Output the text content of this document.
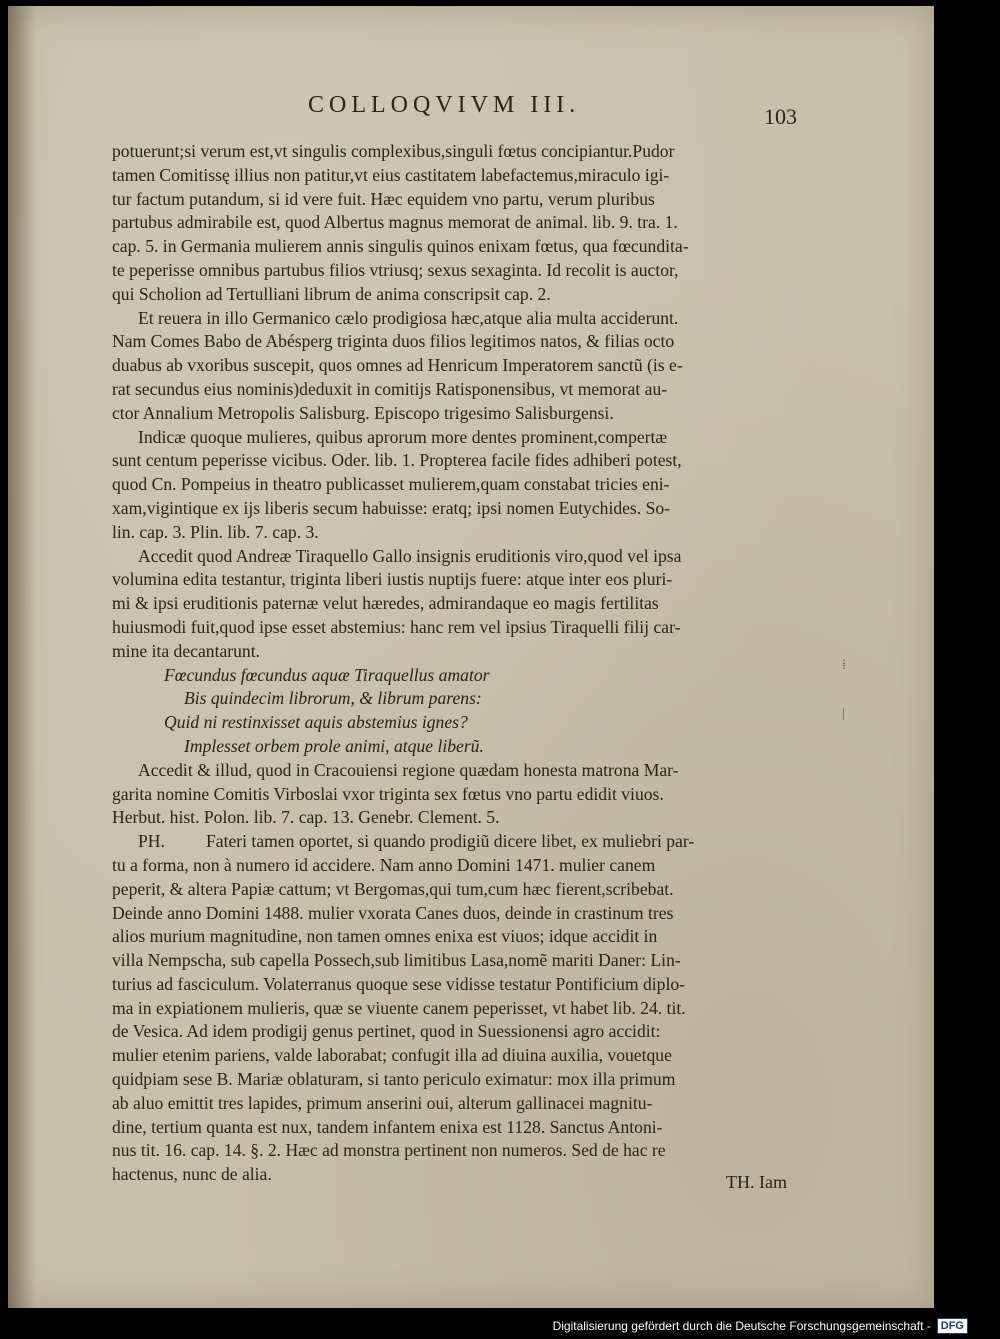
COLLOQVIVM III.	103

potuerunt;si verum est,vt singulis complexibus,singuli fœtus concipiantur.Pudor

tamen Comitissę illius non patitur,vt eius castitatem labefactemus,miraculo igi-

tur factum putandum, si id vere fuit. Hæc equidem vno partu, verum pluribus

partubus admirabile est, quod Albertus magnus memorat de animal. lib. 9. tra. 1.

cap. 5. in Germania mulierem annis singulis quinos enixam fœtus, qua fœcundita-

te peperisse omnibus partubus filios vtriusq; sexus sexaginta. Id recolit is auctor,

qui Scholion ad Tertulliani librum de anima conscripsit cap. 2.

Et reuera in illo Germanico cælo prodigiosa hæc,atque alia multa acciderunt.

Nam Comes Babo de Abésperg triginta duos filios legitimos natos, & filias octo

duabus ab vxoribus suscepit, quos omnes ad Henricum Imperatorem sanctũ (is e-

rat secundus eius nominis)deduxit in comitijs Ratisponensibus, vt memorat au-

ctor Annalium Metropolis Salisburg. Episcopo trigesimo Salisburgensi.

Indicæ quoque mulieres, quibus aprorum more dentes prominent,compertæ

sunt centum peperisse vicibus. Oder. lib. 1. Propterea facile fides adhiberi potest,

quod Cn. Pompeius in theatro publicasset mulierem,quam constabat tricies eni-

xam,vigintique ex ijs liberis secum habuisse: eratq; ipsi nomen Eutychides. So-

lin. cap. 3. Plin. lib. 7. cap. 3.

Accedit quod Andreæ Tiraquello Gallo insignis eruditionis viro,quod vel ipsa

volumina edita testantur, triginta liberi iustis nuptijs fuere: atque inter eos pluri-

mi & ipsi eruditionis paternæ velut hæredes, admirandaque eo magis fertilitas

huiusmodi fuit,quod ipse esset abstemius: hanc rem vel ipsius Tiraquelli filij car-

mine ita decantarunt.

Fœcundus fœcundus aquæ Tiraquellus amator

Bis quindecim librorum, & librum parens:

Quid ni restinxisset aquis abstemius ignes?

Implesset orbem prole animi, atque liberũ.

Accedit & illud, quod in Cracouiensi regione quædam honesta matrona Mar-

garita nomine Comitis Virboslai vxor triginta sex fœtus vno partu edidit viuos.

Herbut. hist. Polon. lib. 7. cap. 13. Genebr. Clement. 5.

PH. Fateri tamen oportet, si quando prodigiũ dicere libet, ex muliebri par-

tu a forma, non à numero id accidere. Nam anno Domini 1471. mulier canem

peperit, & altera Papiæ cattum; vt Bergomas,qui tum,cum hæc fierent,scribebat.

Deinde anno Domini 1488. mulier vxorata Canes duos, deinde in crastinum tres

alios murium magnitudine, non tamen omnes enixa est viuos; idque accidit in

villa Nempscha, sub capella Possech,sub limitibus Lasa,nomẽ mariti Daner: Lin-

turius ad fasciculum. Volaterranus quoque sese vidisse testatur Pontificium diplo-

ma in expiationem mulieris, quæ se viuente canem peperisset, vt habet lib. 24. tit.

de Vesica. Ad idem prodigij genus pertinet, quod in Suessionensi agro accidit:

mulier etenim pariens, valde laborabat; confugit illa ad diuina auxilia, vouetque

quidpiam sese B. Mariæ oblaturam, si tanto periculo eximatur: mox illa primum

ab aluo emittit tres lapides, primum anserini oui, alterum gallinacei magnitu-

dine, tertium quanta est nux, tandem infantem enixa est 1128. Sanctus Antoni-

nus tit. 16. cap. 14. §. 2. Hæc ad monstra pertinent non numeros. Sed de hac re

hactenus, nunc de alia.

⁞
|
TH. Iam
Digitalisierung gefördert durch die Deutsche Forschungsgemeinschaft - DFG
